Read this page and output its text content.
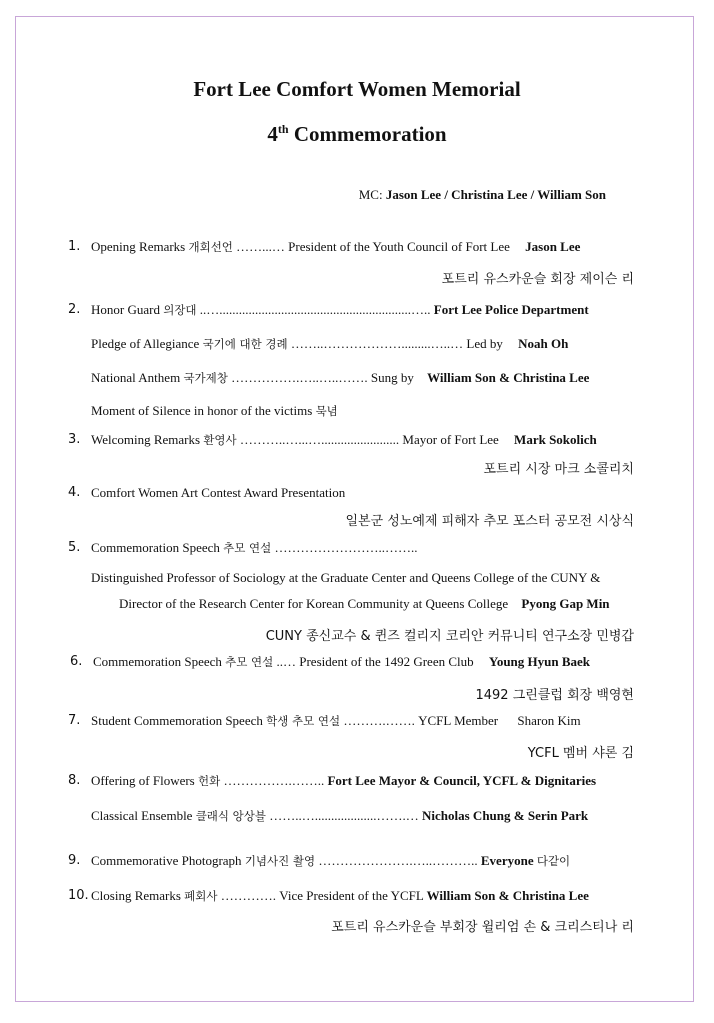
Fort Lee Comfort Women Memorial
4th Commemoration
MC: Jason Lee / Christina Lee / William Son
1. Opening Remarks 개회선언 ……...… President of the Youth Council of Fort Lee Jason Lee
포트리 유스카운슬 회장 제이슨 리
2. Honor Guard 의장대 ..…...........................................................….. Fort Lee Police Department
Pledge of Allegiance 국기에 대한 경례 ……..……………….........…..… Led by Noah Oh
National Anthem 국가제창 …………….…..…..……. Sung by William Son & Christina Lee
Moment of Silence in honor of the victims 묵념
3. Welcoming Remarks 환영사 ………..…...…........................ Mayor of Fort Lee Mark Sokolich
포트리 시장 마크 소콜리치
4. Comfort Women Art Contest Award Presentation
일본군 성노예제 피해자 추모 포스터 공모전 시상식
5. Commemoration Speech 추모 연설 ……………………..……..
Distinguished Professor of Sociology at the Graduate Center and Queens College of the CUNY &
Director of the Research Center for Korean Community at Queens College Pyong Gap Min
CUNY 종신교수 & 퀸즈 컬리지 코리안 커뮤니티 연구소장 민병갑
6. Commemoration Speech 추모 연설 ..… President of the 1492 Green Club Young Hyun Baek
1492 그린클럽 회장 백영현
7. Student Commemoration Speech 학생 추모 연설 ……….……. YCFL Member Sharon Kim
YCFL 멤버 샤론 김
8. Offering of Flowers 헌화 …………….…….. Fort Lee Mayor & Council, YCFL & Dignitaries
Classical Ensemble 클래식 앙상블 ……..…...................…….… Nicholas Chung & Serin Park
9. Commemorative Photograph 기념사진 촬영 ………………….…..……….. Everyone 다같이
10. Closing Remarks 폐회사 …………. Vice President of the YCFL William Son & Christina Lee
포트리 유스카운슬 부회장 윌리엄 손 & 크리스티나 리
